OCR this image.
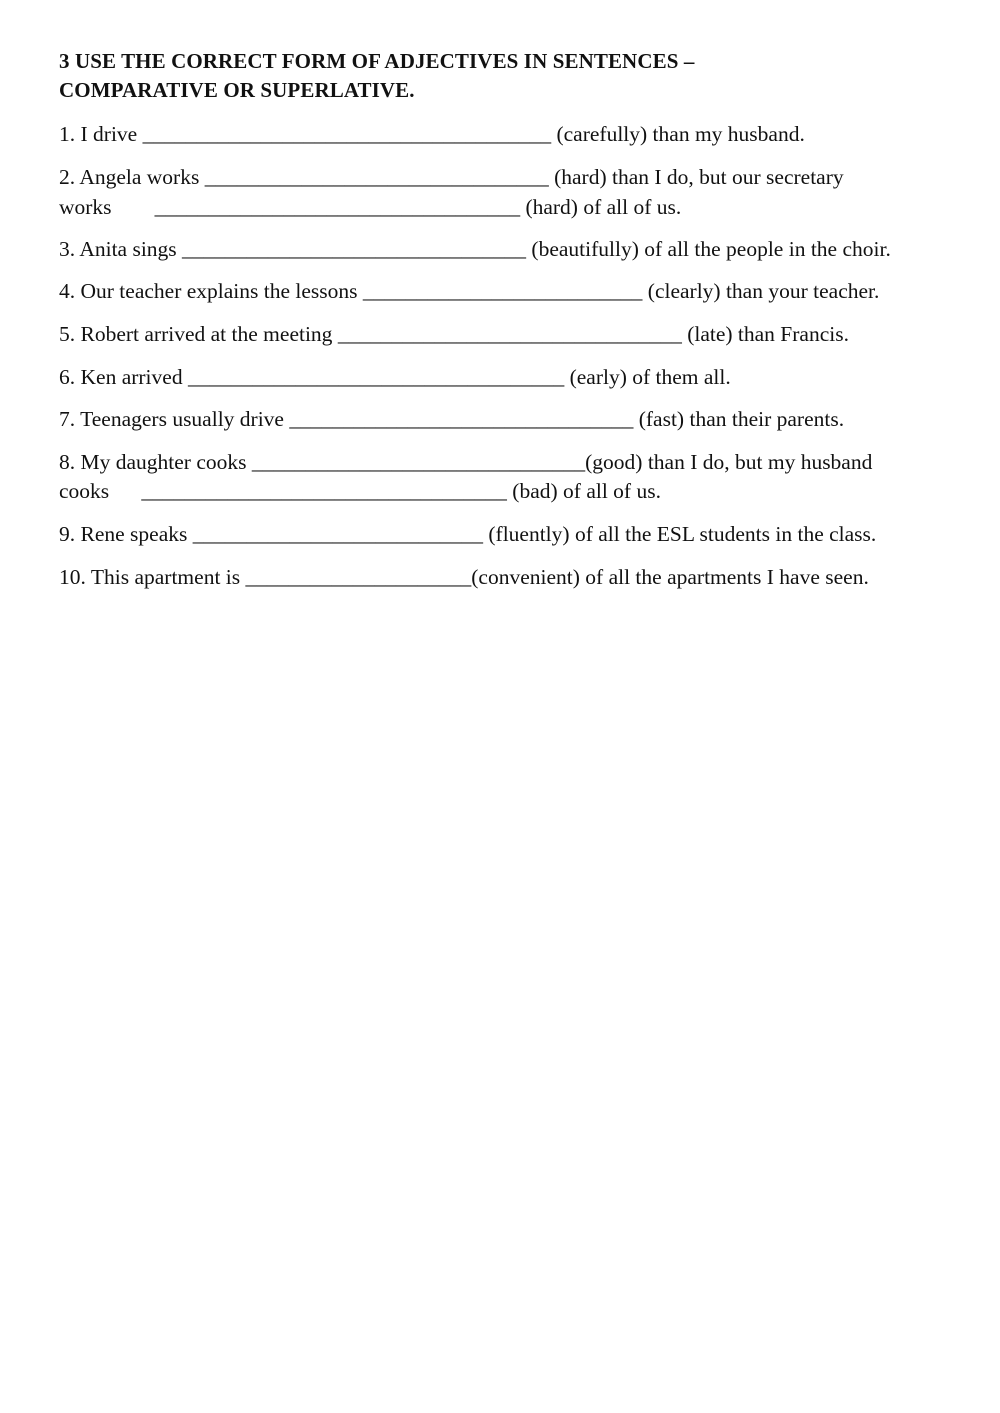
3 USE THE CORRECT FORM OF ADJECTIVES IN SENTENCES –
COMPARATIVE OR SUPERLATIVE.
1. I drive ______________________________________ (carefully) than my husband.
2. Angela works ________________________________ (hard) than I do, but our secretary
works        __________________________________ (hard) of all of us.
3. Anita sings ________________________________ (beautifully) of all the people in the choir.
4. Our teacher explains the lessons __________________________ (clearly) than your teacher.
5. Robert arrived at the meeting ________________________________ (late) than Francis.
6. Ken arrived ___________________________________ (early) of them all.
7. Teenagers usually drive ________________________________ (fast) than their parents.
8. My daughter cooks _______________________________(good) than I do, but my husband
cooks      __________________________________ (bad) of all of us.
9. Rene speaks ___________________________ (fluently) of all the ESL students in the class.
10. This apartment is _____________________(convenient) of all the apartments I have seen.
